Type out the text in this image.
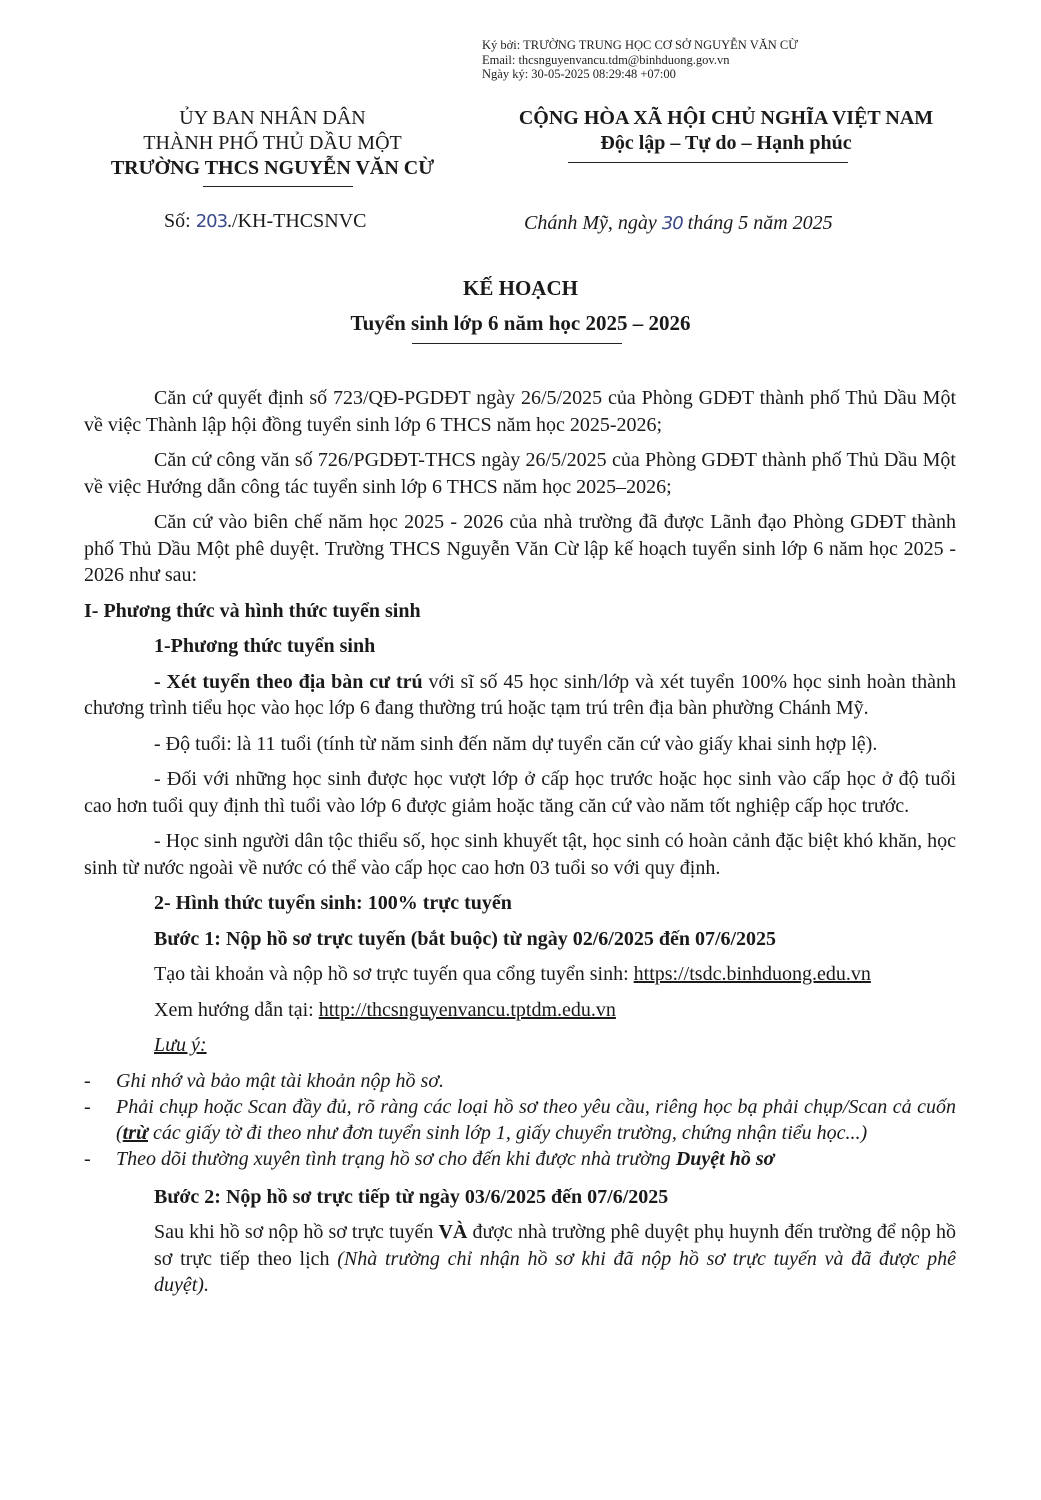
Ký bởi: TRƯỜNG TRUNG HỌC CƠ SỞ NGUYỄN VĂN CỪ
Email: thcsnguyenvancu.tdm@binhduong.gov.vn
Ngày ký: 30-05-2025 08:29:48 +07:00
ỦY BAN NHÂN DÂN
THÀNH PHỐ THỦ DẦU MỘT
TRƯỜNG THCS NGUYỄN VĂN CỪ
CỘNG HÒA XÃ HỘI CHỦ NGHĨA VIỆT NAM
Độc lập – Tự do – Hạnh phúc
Số: 203./KH-THCSNVC	Chánh Mỹ, ngày 30 tháng 5 năm 2025
KẾ HOẠCH
Tuyển sinh lớp 6 năm học 2025 – 2026

Căn cứ quyết định số 723/QĐ-PGDĐT ngày 26/5/2025 của Phòng GDĐT thành phố Thủ Dầu Một về việc Thành lập hội đồng tuyển sinh lớp 6 THCS năm học 2025-2026;

Căn cứ công văn số 726/PGDĐT-THCS ngày 26/5/2025 của Phòng GDĐT thành phố Thủ Dầu Một về việc Hướng dẫn công tác tuyển sinh lớp 6 THCS năm học 2025–2026;

Căn cứ vào biên chế năm học 2025 - 2026 của nhà trường đã được Lãnh đạo Phòng GDĐT thành phố Thủ Dầu Một phê duyệt. Trường THCS Nguyễn Văn Cừ lập kế hoạch tuyển sinh lớp 6 năm học 2025 - 2026 như sau:

I- Phương thức và hình thức tuyển sinh

1-Phương thức tuyển sinh

- Xét tuyển theo địa bàn cư trú với sĩ số 45 học sinh/lớp và xét tuyển 100% học sinh hoàn thành chương trình tiểu học vào học lớp 6 đang thường trú hoặc tạm trú trên địa bàn phường Chánh Mỹ.

- Độ tuổi: là 11 tuổi (tính từ năm sinh đến năm dự tuyển căn cứ vào giấy khai sinh hợp lệ).

- Đối với những học sinh được học vượt lớp ở cấp học trước hoặc học sinh vào cấp học ở độ tuổi cao hơn tuổi quy định thì tuổi vào lớp 6 được giảm hoặc tăng căn cứ vào năm tốt nghiệp cấp học trước.

- Học sinh người dân tộc thiểu số, học sinh khuyết tật, học sinh có hoàn cảnh đặc biệt khó khăn, học sinh từ nước ngoài về nước có thể vào cấp học cao hơn 03 tuổi so với quy định.

2- Hình thức tuyển sinh: 100% trực tuyến

Bước 1: Nộp hồ sơ trực tuyến (bắt buộc) từ ngày 02/6/2025 đến 07/6/2025

Tạo tài khoản và nộp hồ sơ trực tuyến qua cổng tuyển sinh: https://tsdc.binhduong.edu.vn

Xem hướng dẫn tại: http://thcsnguyenvancu.tptdm.edu.vn

Lưu ý:

- Ghi nhớ và bảo mật tài khoản nộp hồ sơ.
- Phải chụp hoặc Scan đầy đủ, rõ ràng các loại hồ sơ theo yêu cầu, riêng học bạ phải chụp/Scan cả cuốn (trừ các giấy tờ đi theo như đơn tuyển sinh lớp 1, giấy chuyển trường, chứng nhận tiểu học...)
- Theo dõi thường xuyên tình trạng hồ sơ cho đến khi được nhà trường Duyệt hồ sơ

Bước 2: Nộp hồ sơ trực tiếp từ ngày 03/6/2025 đến 07/6/2025

Sau khi hồ sơ nộp hồ sơ trực tuyến VÀ được nhà trường phê duyệt phụ huynh đến trường để nộp hồ sơ trực tiếp theo lịch (Nhà trường chỉ nhận hồ sơ khi đã nộp hồ sơ trực tuyến và đã được phê duyệt).
